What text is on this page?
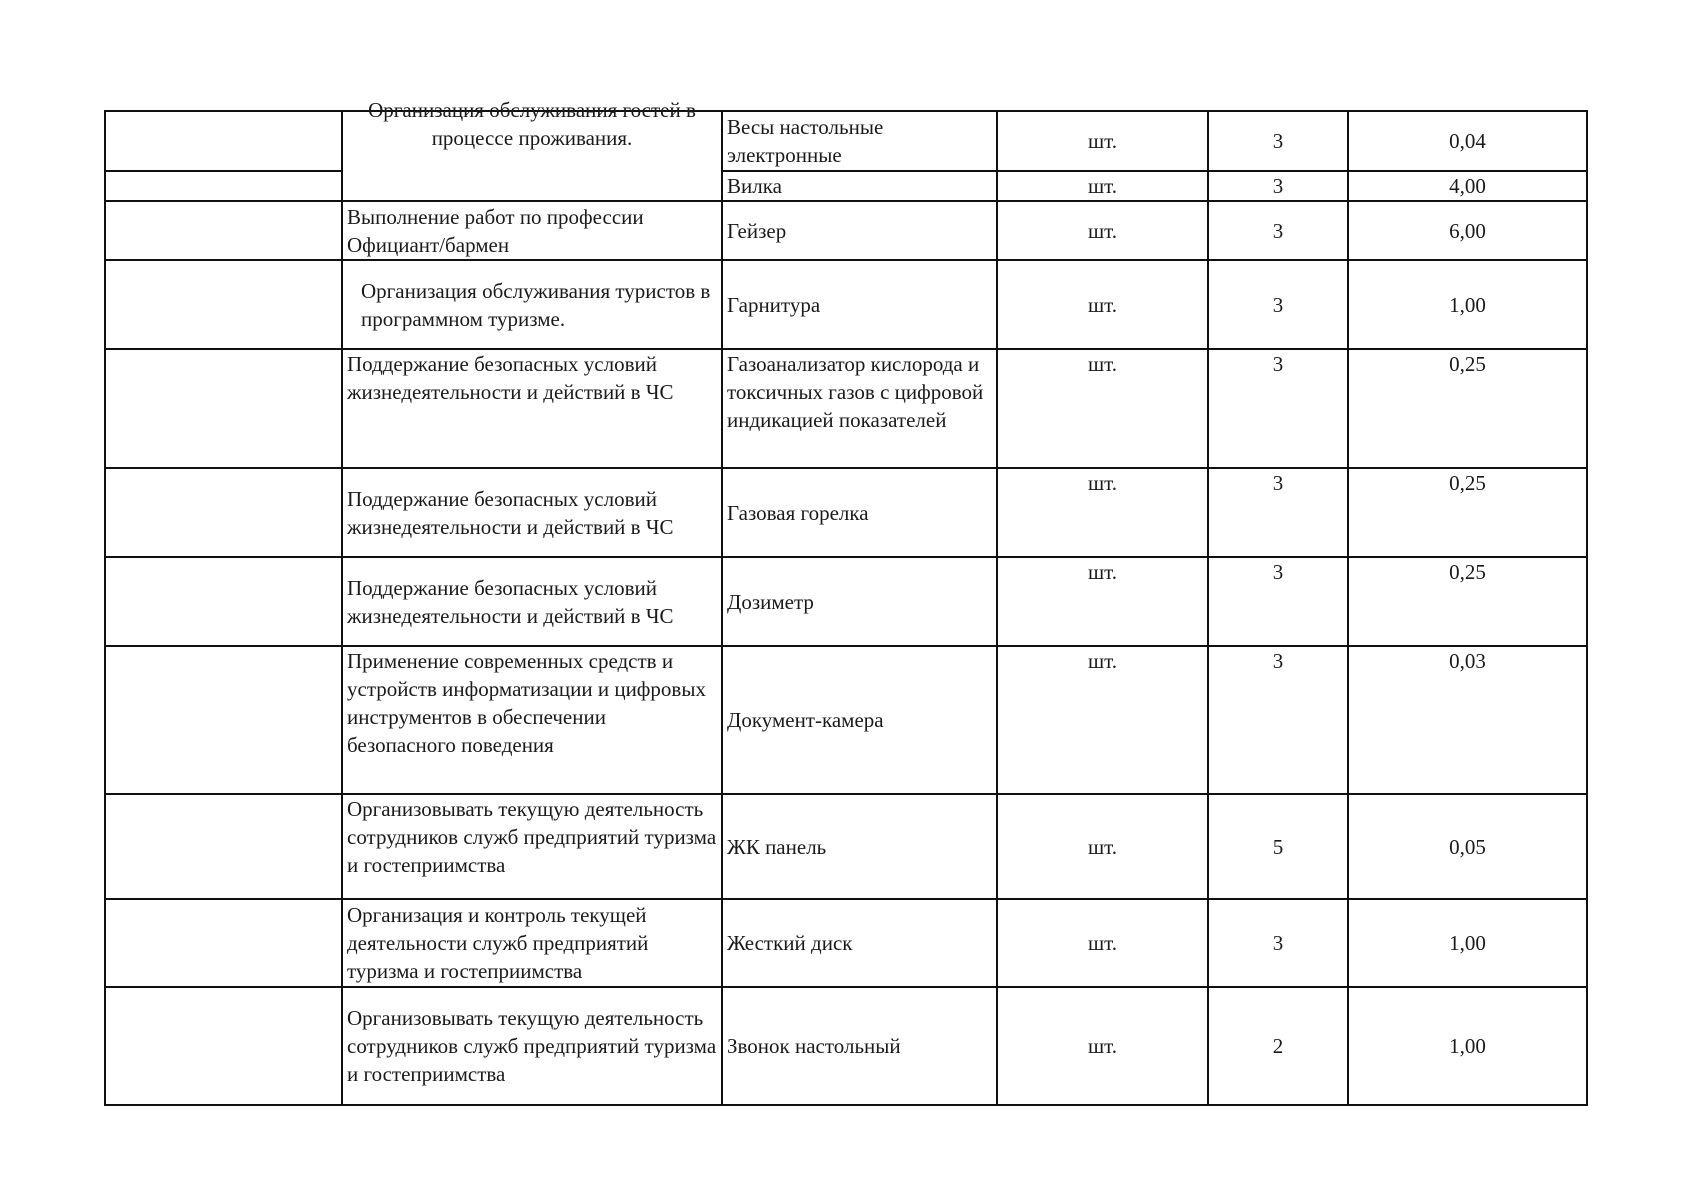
	Организация обслуживания гостей в процессе проживания.	Весы настольные электронные	шт.	3	0,04
		Вилка	шт.	3	4,00
	Выполнение работ по профессии Официант/бармен	Гейзер	шт.	3	6,00
	Организация обслуживания туристов в программном туризме.	Гарнитура	шт.	3	1,00
	Поддержание безопасных условий жизнедеятельности и действий в ЧС	Газоанализатор кислорода и токсичных газов с цифровой индикацией показателей	шт.	3	0,25
	Поддержание безопасных условий жизнедеятельности и действий в ЧС	Газовая горелка	шт.	3	0,25
	Поддержание безопасных условий жизнедеятельности и действий в ЧС	Дозиметр	шт.	3	0,25
	Применение современных средств и устройств информатизации и цифровых инструментов в обеспечении безопасного поведения	Документ-камера	шт.	3	0,03

	Организовывать текущую деятельность сотрудников служб предприятий туризма и гостеприимства	ЖК панель	шт.	5	0,05
	Организация и контроль текущей деятельности служб предприятий туризма и гостеприимства	Жесткий диск	шт.	3	1,00
	Организовывать текущую деятельность сотрудников служб предприятий туризма и гостеприимства	Звонок настольный	шт.	2	1,00
